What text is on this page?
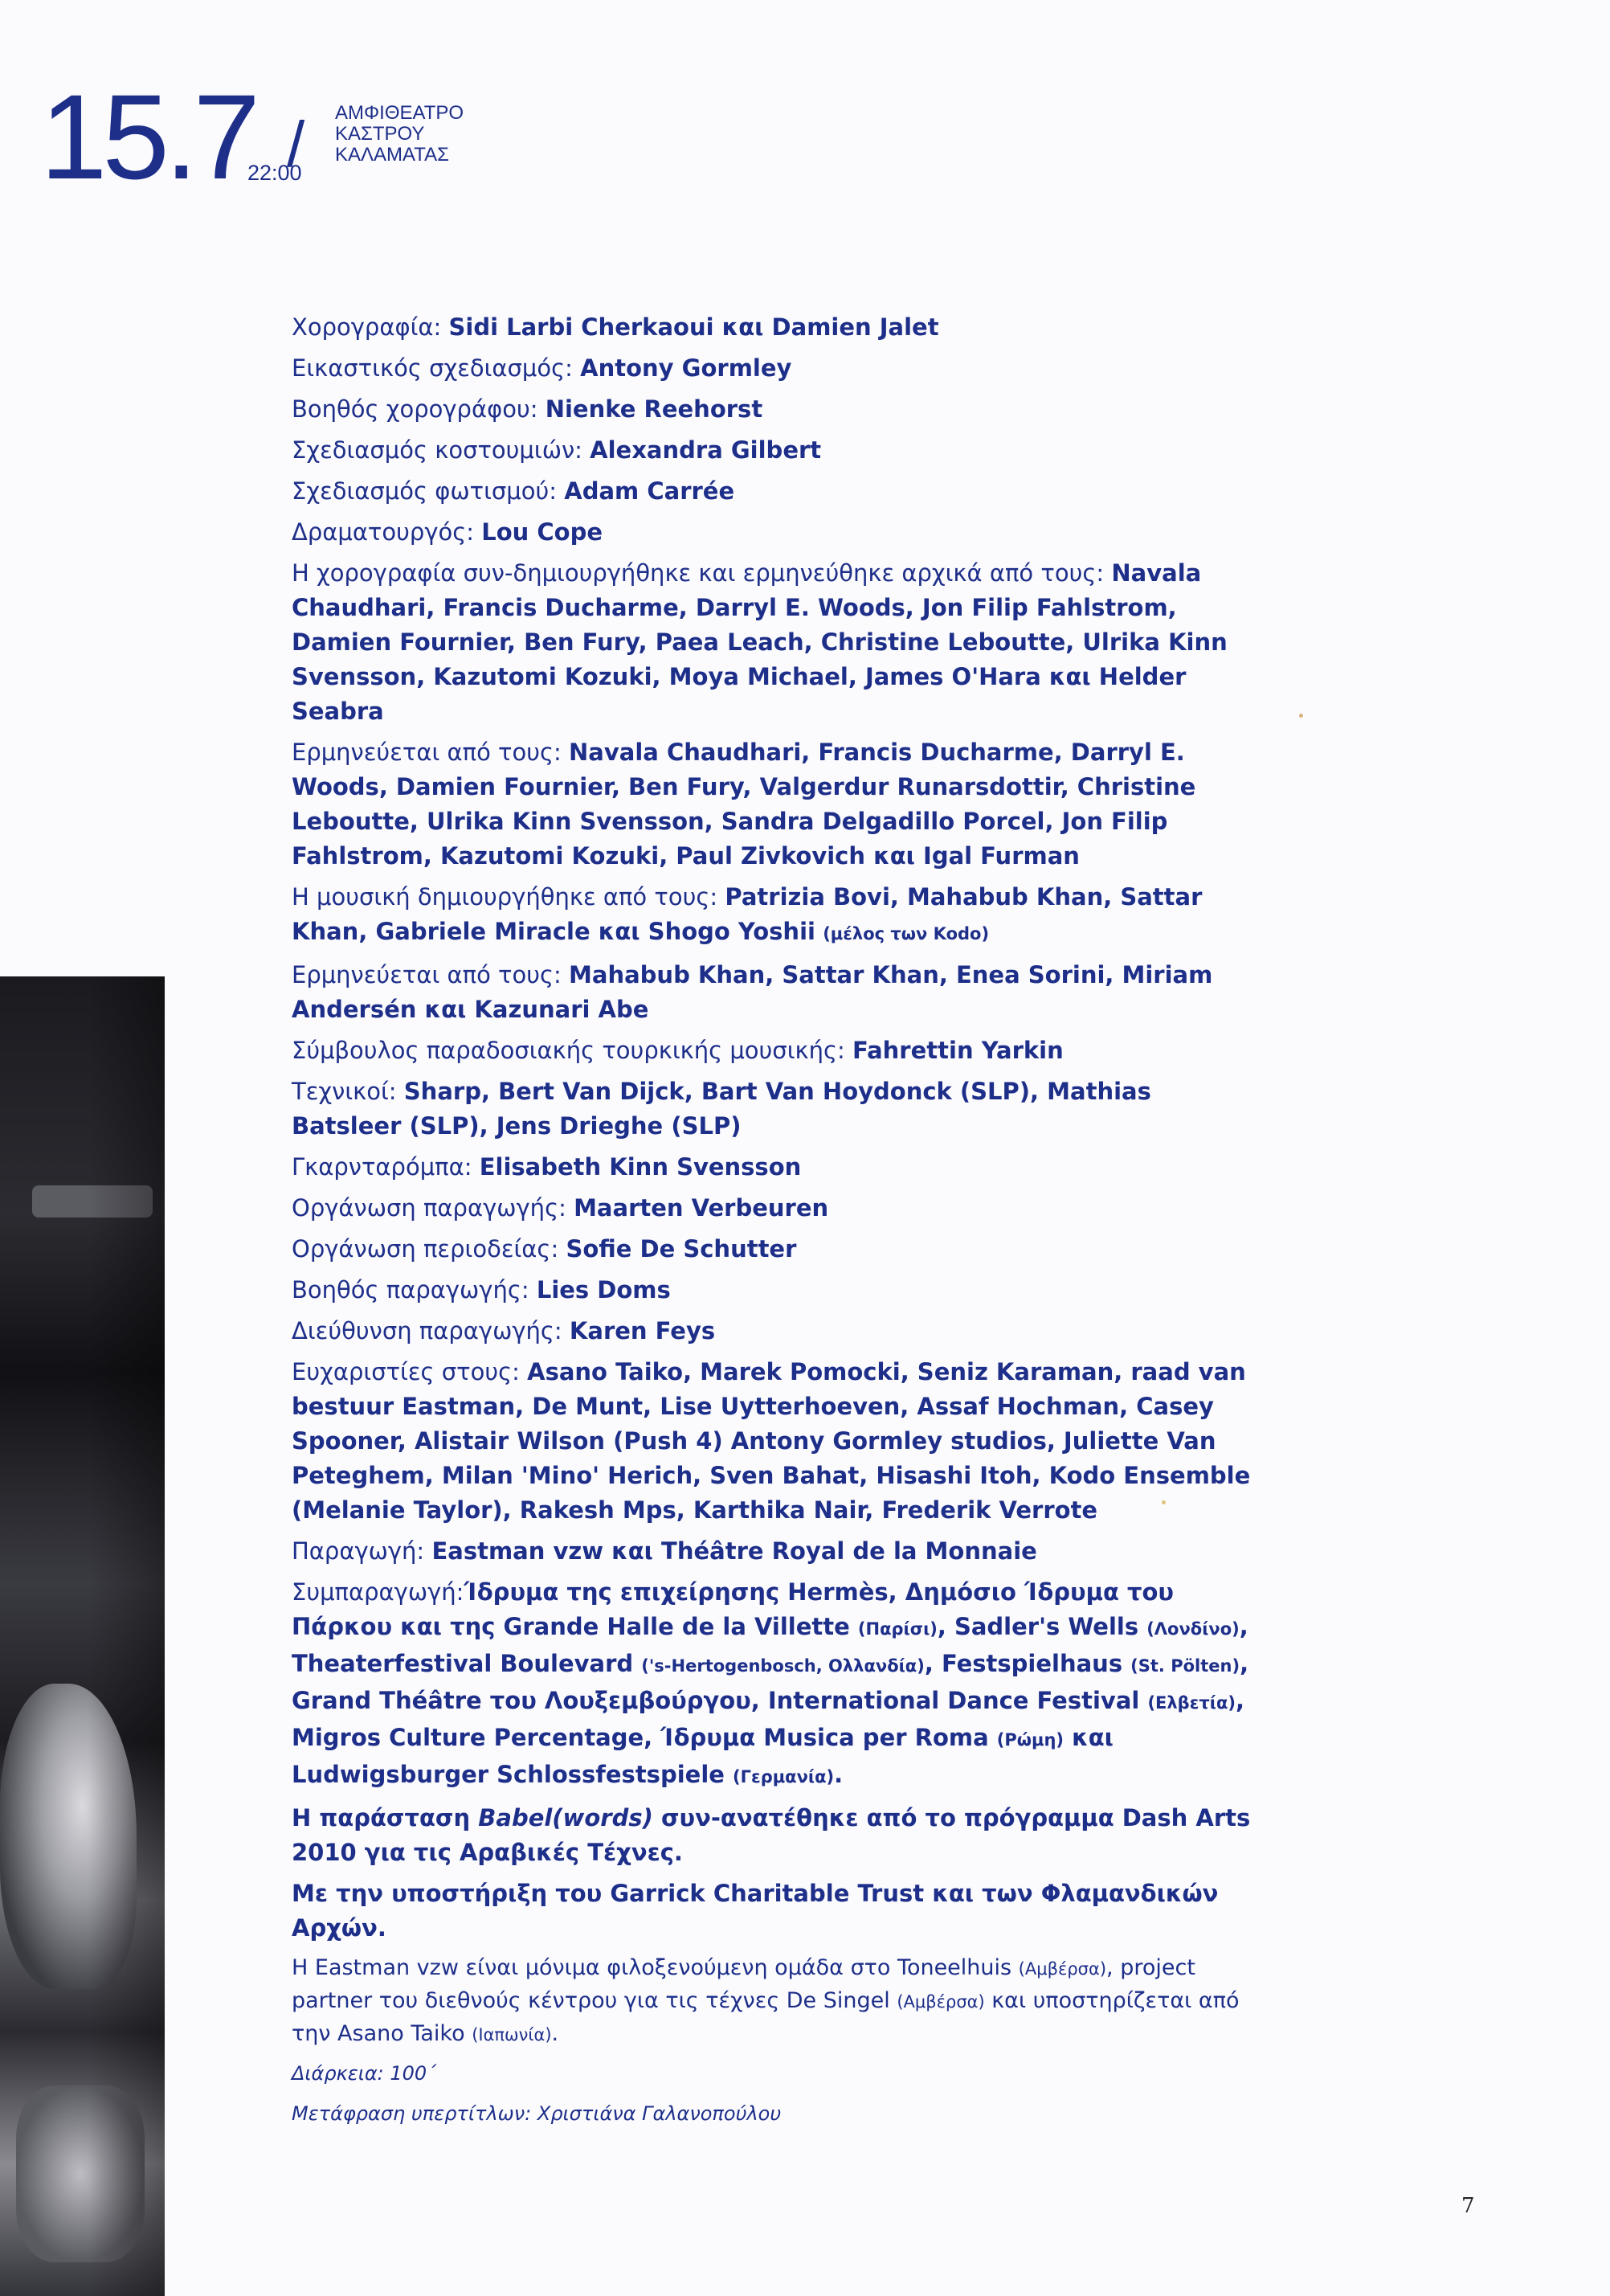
15.7
22:00
/ ΑΜΦΙΘΕΑΤΡΟ
ΚΑΣΤΡΟΥ
ΚΑΛΑΜΑΤΑΣ
Χορογραφία: Sidi Larbi Cherkaoui και Damien Jalet
Εικαστικός σχεδιασμός: Antony Gormley
Βοηθός χορογράφου: Nienke Reehorst
Σχεδιασμός κοστουμιών: Alexandra Gilbert
Σχεδιασμός φωτισμού: Adam Carrée
Δραματουργός: Lou Cope
Η χορογραφία συν-δημιουργήθηκε και ερμηνεύθηκε αρχικά από τους: Navala Chaudhari, Francis Ducharme, Darryl E. Woods, Jon Filip Fahlstrom, Damien Fournier, Ben Fury, Paea Leach, Christine Leboutte, Ulrika Kinn Svensson, Kazutomi Kozuki, Moya Michael, James O'Hara και Helder Seabra
Ερμηνεύεται από τους: Navala Chaudhari, Francis Ducharme, Darryl E. Woods, Damien Fournier, Ben Fury, Valgerdur Runarsdottir, Christine Leboutte, Ulrika Kinn Svensson, Sandra Delgadillo Porcel, Jon Filip Fahlstrom, Kazutomi Kozuki, Paul Zivkovich και Igal Furman
Η μουσική δημιουργήθηκε από τους: Patrizia Bovi, Mahabub Khan, Sattar Khan, Gabriele Miracle και Shogo Yoshii (μέλος των Kodo)
Ερμηνεύεται από τους: Mahabub Khan, Sattar Khan, Enea Sorini, Miriam Andersén και Kazunari Abe
Σύμβουλος παραδοσιακής τουρκικής μουσικής: Fahrettin Yarkin
Τεχνικοί: Sharp, Bert Van Dijck, Bart Van Hoydonck (SLP), Mathias Batsleer (SLP), Jens Drieghe (SLP)
Γκαρνταρόμπα: Elisabeth Kinn Svensson
Οργάνωση παραγωγής: Maarten Verbeuren
Οργάνωση περιοδείας: Sofie De Schutter
Βοηθός παραγωγής: Lies Doms
Διεύθυνση παραγωγής: Karen Feys
Ευχαριστίες στους: Asano Taiko, Marek Pomocki, Seniz Karaman, raad van bestuur Eastman, De Munt, Lise Uytterhoeven, Assaf Hochman, Casey Spooner, Alistair Wilson (Push 4) Antony Gormley studios, Juliette Van Peteghem, Milan 'Mino' Herich, Sven Bahat, Hisashi Itoh, Kodo Ensemble (Melanie Taylor), Rakesh Mps, Karthika Nair, Frederik Verrote
Παραγωγή: Eastman vzw και Théâtre Royal de la Monnaie
Συμπαραγωγή:Ίδρυμα της επιχείρησης Hermès, Δημόσιο Ίδρυμα του Πάρκου και της Grande Halle de la Villette (Παρίσι), Sadler's Wells (Λονδίνο), Theaterfestival Boulevard ('s-Hertogenbosch, Ολλανδία), Festspielhaus (St. Pölten), Grand Théâtre του Λουξεμβούργου, International Dance Festival (Ελβετία), Migros Culture Percentage, Ίδρυμα Musica per Roma (Ρώμη) και Ludwigsburger Schlossfestspiele (Γερμανία).
Η παράσταση Babel(words) συν-ανατέθηκε από το πρόγραμμα Dash Arts 2010 για τις Αραβικές Τέχνες.
Με την υποστήριξη του Garrick Charitable Trust και των Φλαμανδικών Αρχών.
Η Eastman vzw είναι μόνιμα φιλοξενούμενη ομάδα στο Toneelhuis (Αμβέρσα), project partner του διεθνούς κέντρου για τις τέχνες De Singel (Αμβέρσα) και υποστηρίζεται από την Asano Taiko (Ιαπωνία).
Διάρκεια: 100΄
Μετάφραση υπερτίτλων: Χριστιάνα Γαλανοπούλου
7
